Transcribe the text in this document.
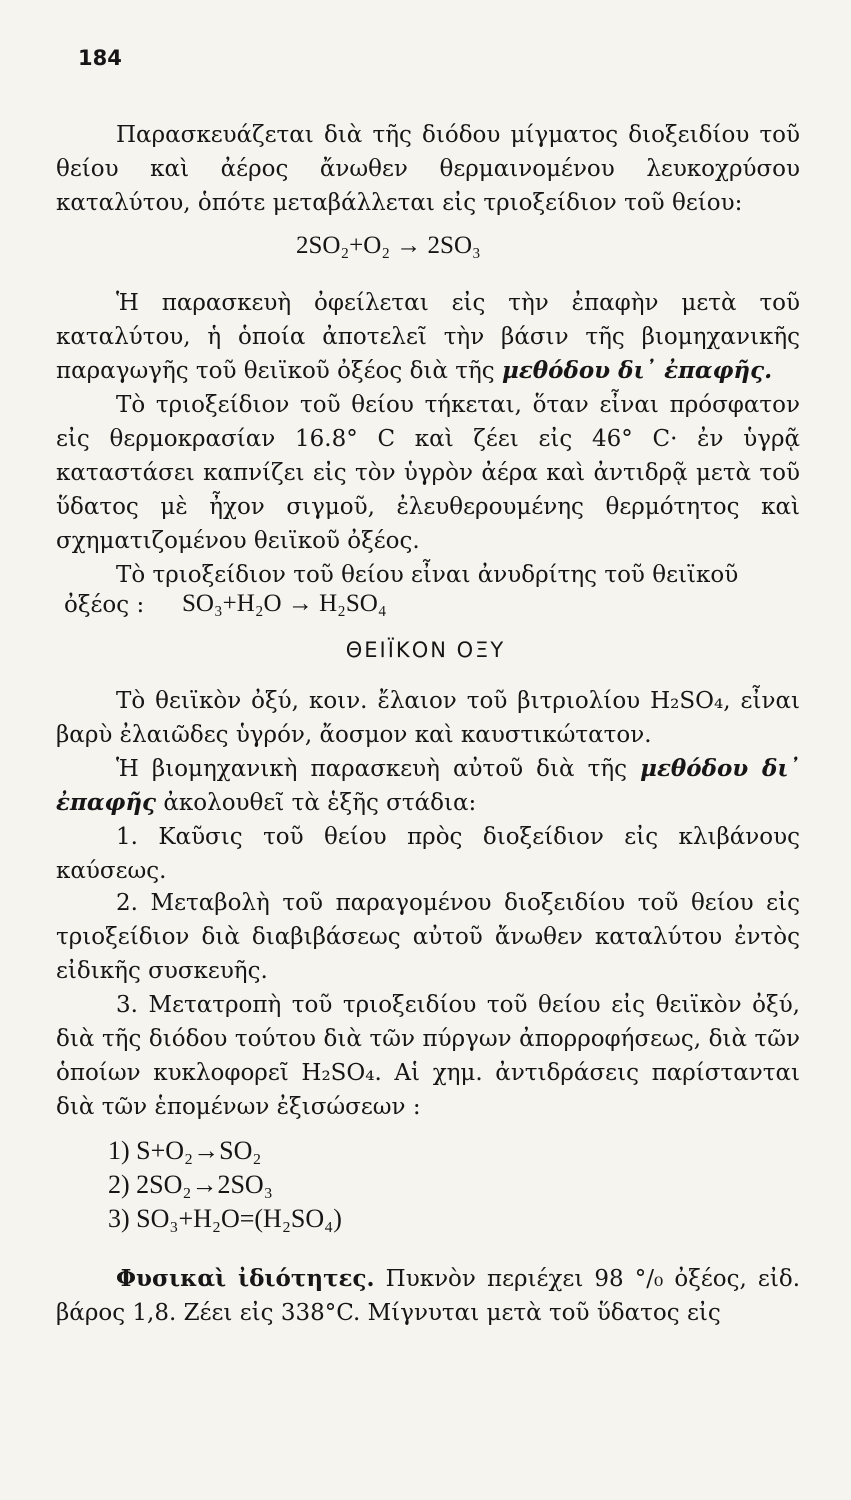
184

Παρασκευάζεται διὰ τῆς διόδου μίγματος διοξειδίου τοῦ θείου καὶ ἀέρος ἄνωθεν θερμαινομένου λευκοχρύσου καταλύτου, ὁπότε μεταβάλλεται εἰς τριοξείδιον τοῦ θείου:

2SO₂+O₂ → 2SO₃

Ἡ παρασκευὴ ὀφείλεται εἰς τὴν ἐπαφὴν μετὰ τοῦ καταλύτου, ἡ ὁποία ἀποτελεῖ τὴν βάσιν τῆς βιομηχανικῆς παραγωγῆς τοῦ θειϊκοῦ ὀξέος διὰ τῆς μεθόδου δι᾽ ἐπαφῆς.

Τὸ τριοξείδιον τοῦ θείου τήκεται, ὅταν εἶναι πρόσφατον εἰς θερμοκρασίαν 16.8° C καὶ ζέει εἰς 46° C· ἐν ὑγρᾷ καταστάσει καπνίζει εἰς τὸν ὑγρὸν ἀέρα καὶ ἀντιδρᾷ μετὰ τοῦ ὕδατος μὲ ἦχον σιγμοῦ, ἐλευθερουμένης θερμότητος καὶ σχηματιζομένου θειϊκοῦ ὀξέος.

Τὸ τριοξείδιον τοῦ θείου εἶναι ἀνυδρίτης τοῦ θειϊκοῦ

ὀξέος : SO₃+H₂O → H₂SO₄
ΘΕΙΪΚΟΝ ΟΞΥ

Τὸ θειϊκὸν ὀξύ, κοιν. ἔλαιον τοῦ βιτριολίου H₂SO₄, εἶναι βαρὺ ἐλαιῶδες ὑγρόν, ἄοσμον καὶ καυστικώτατον.

Ἡ βιομηχανικὴ παρασκευὴ αὐτοῦ διὰ τῆς μεθόδου δι᾽ ἐπαφῆς ἀκολουθεῖ τὰ ἑξῆς στάδια:

1. Καῦσις τοῦ θείου πρὸς διοξείδιον εἰς κλιβάνους καύσεως.

2. Μεταβολὴ τοῦ παραγομένου διοξειδίου τοῦ θείου εἰς τριοξείδιον διὰ διαβιβάσεως αὐτοῦ ἄνωθεν καταλύτου ἐντὸς εἰδικῆς συσκευῆς.

3. Μετατροπὴ τοῦ τριοξειδίου τοῦ θείου εἰς θειϊκὸν ὀξύ, διὰ τῆς διόδου τούτου διὰ τῶν πύργων ἀπορροφήσεως, διὰ τῶν ὁποίων κυκλοφορεῖ H₂SO₄. Αἱ χημ. ἀντιδράσεις παρίστανται διὰ τῶν ἑπομένων ἐξισώσεων :

1) S+O₂→SO₂
2) 2SO₂→2SO₃
3) SO₃+H₂O=(H₂SO₄)

Φυσικαὶ ἰδιότητες. Πυκνὸν περιέχει 98 °/₀ ὀξέος, εἰδ. βάρος 1,8. Ζέει εἰς 338°C. Μίγνυται μετὰ τοῦ ὕδατος εἰς
